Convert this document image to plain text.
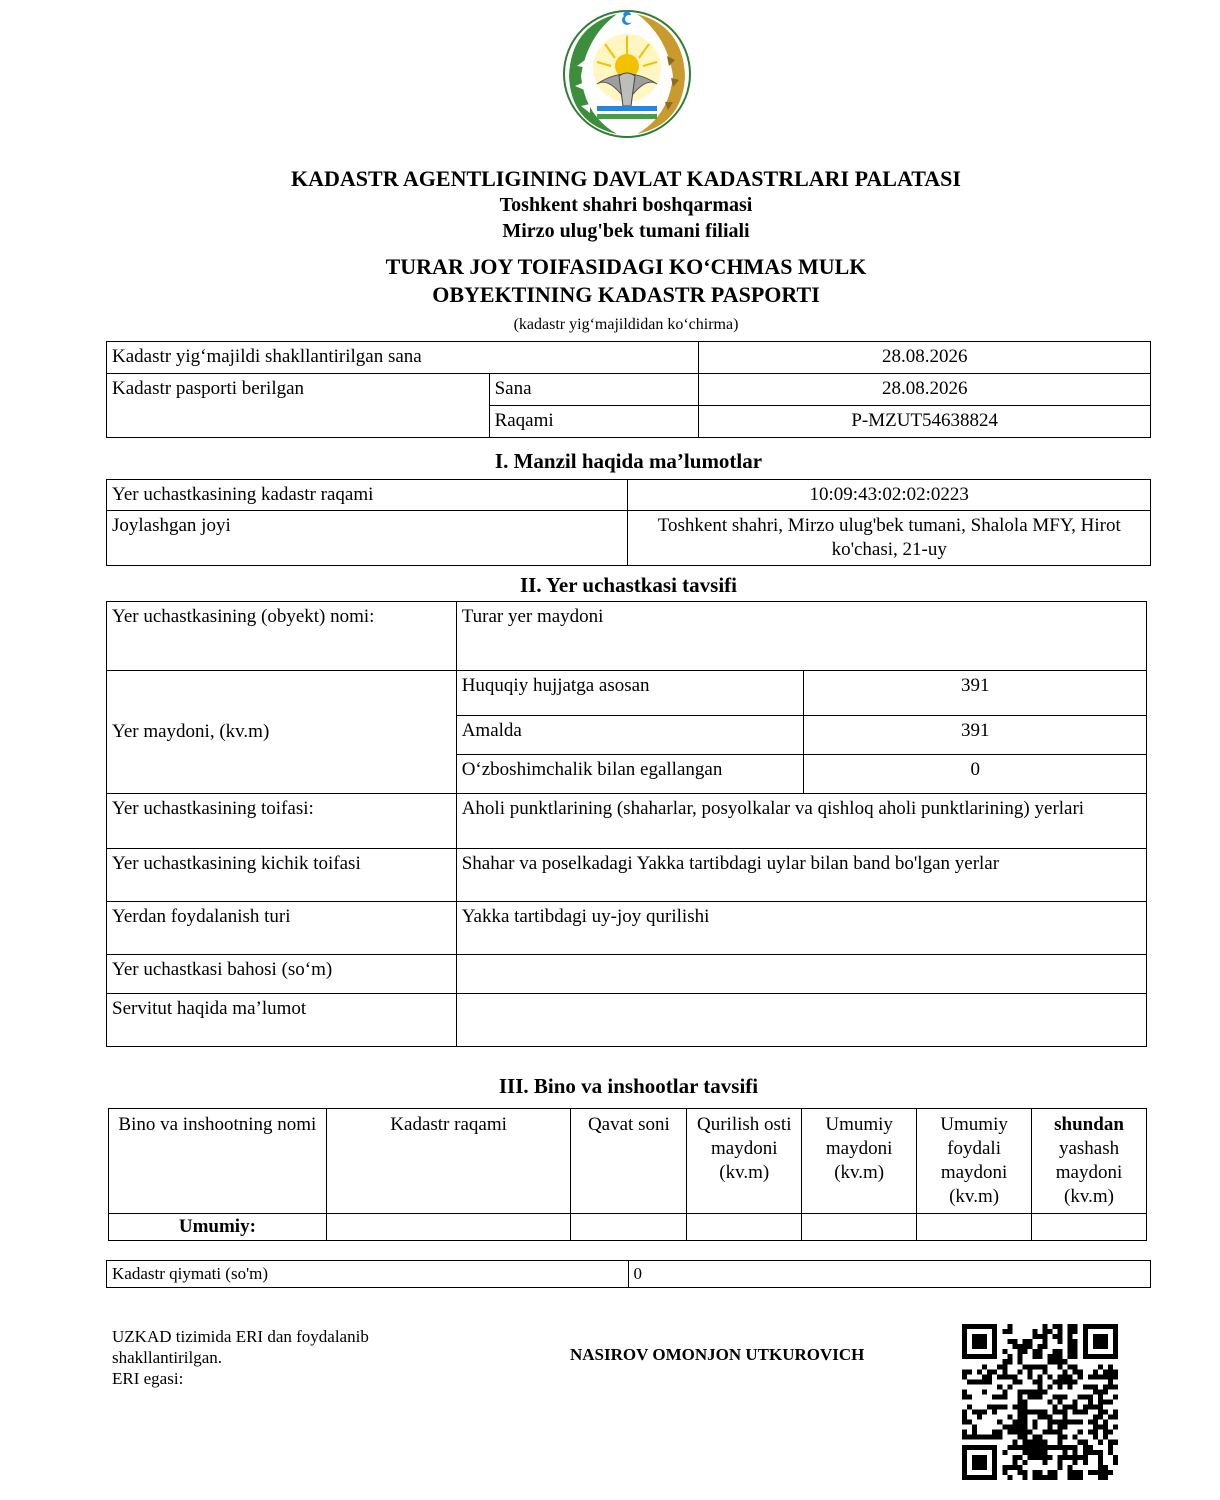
KADASTR AGENTLIGINING DAVLAT KADASTRLARI PALATASI
Toshkent shahri boshqarmasi
Mirzo ulug'bek tumani filiali
TURAR JOY TOIFASIDAGI KO‘CHMAS MULK
OBYEKTINING KADASTR PASPORTI
(kadastr yig‘majildidan ko‘chirma)
Kadastr yig‘majildi shakllantirilgan sana		28.08.2026
Kadastr pasporti berilgan	Sana	28.08.2026
	Raqami	P-MZUT54638824
I. Manzil haqida ma’lumotlar
Yer uchastkasining kadastr raqami	10:09:43:02:02:0223
Joylashgan joyi	Toshkent shahri, Mirzo ulug'bek tumani, Shalola MFY, Hirot ko'chasi, 21-uy
II. Yer uchastkasi tavsifi
Yer uchastkasining (obyekt) nomi:	Turar yer maydoni	
Yer maydoni, (kv.m)	Huquqiy hujjatga asosan	391
	Amalda	391
	O‘zboshimchalik bilan egallangan	0
Yer uchastkasining toifasi:	Aholi punktlarining (shaharlar, posyolkalar va qishloq aholi punktlarining) yerlari	
Yer uchastkasining kichik toifasi	Shahar va poselkadagi Yakka tartibdagi uylar bilan band bo'lgan yerlar	
Yerdan foydalanish turi	Yakka tartibdagi uy-joy qurilishi	
Yer uchastkasi bahosi (so‘m)		
Servitut haqida ma’lumot		
III. Bino va inshootlar tavsifi
Bino va inshootning nomi	Kadastr raqami	Qavat soni	Qurilish osti maydoni (kv.m)	Umumiy maydoni (kv.m)	Umumiy foydali maydoni (kv.m)	shundan yashash maydoni (kv.m)
Umumiy:						
Kadastr qiymati (so'm)	0
UZKAD tizimida ERI dan foydalanib
shakllantirilgan.
ERI egasi:
NASIROV OMONJON UTKUROVICH
